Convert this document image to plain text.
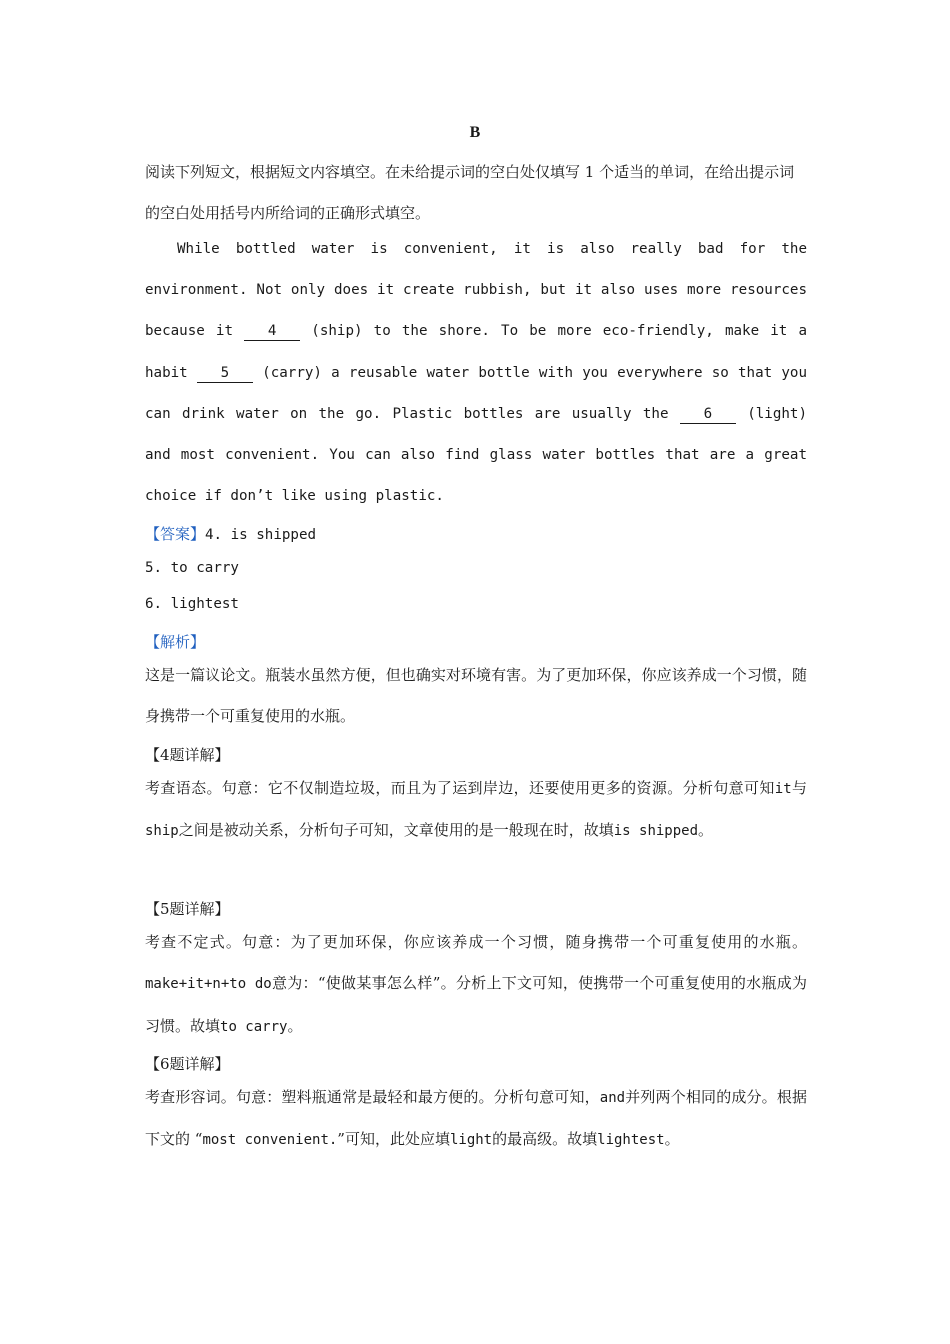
B
阅读下列短文，根据短文内容填空。在未给提示词的空白处仅填写 1 个适当的单词，在给出提示词的空白处用括号内所给词的正确形式填空。
While bottled water is convenient, it is also really bad for the environment. Not only does it create rubbish, but it also uses more resources because it 4 (ship) to the shore. To be more eco-friendly, make it a habit 5 (carry) a reusable water bottle with you everywhere so that you can drink water on the go. Plastic bottles are usually the 6 (light) and most convenient. You can also find glass water bottles that are a great choice if don’t like using plastic.
【答案】4. is shipped
5. to carry
6. lightest
【解析】
这是一篇议论文。瓶装水虽然方便，但也确实对环境有害。为了更加环保，你应该养成一个习惯，随身携带一个可重复使用的水瓶。
【4题详解】
考查语态。句意：它不仅制造垃圾，而且为了运到岸边，还要使用更多的资源。分析句意可知it与ship之间是被动关系，分析句子可知，文章使用的是一般现在时，故填is shipped。
【5题详解】
考查不定式。句意：为了更加环保，你应该养成一个习惯，随身携带一个可重复使用的水瓶。make+it+n+to do意为：“使做某事怎么样”。分析上下文可知，使携带一个可重复使用的水瓶成为习惯。故填to carry。
【6题详解】
考查形容词。句意：塑料瓶通常是最轻和最方便的。分析句意可知，and并列两个相同的成分。根据下文的 “most convenient.”可知，此处应填light的最高级。故填lightest。
